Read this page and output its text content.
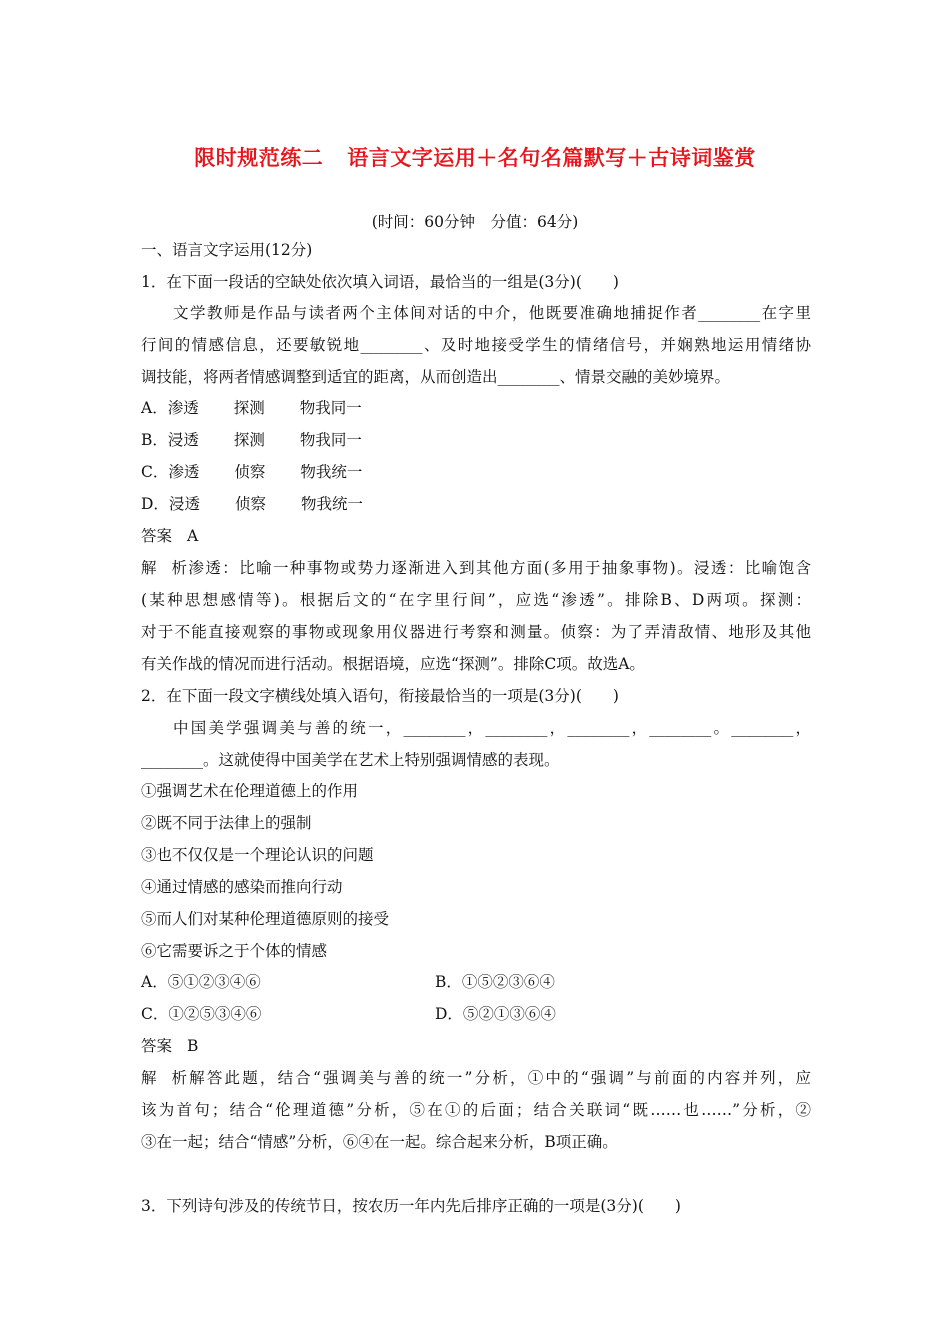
限时规范练二 语言文字运用＋名句名篇默写＋古诗词鉴赏
(时间：60分钟　分值：64分)
一、语言文字运用(12分)
1．在下面一段话的空缺处依次填入词语，最恰当的一组是(3分)(　　)
文学教师是作品与读者两个主体间对话的中介，他既要准确地捕捉作者________在字里
行间的情感信息，还要敏锐地________、及时地接受学生的情绪信号，并娴熟地运用情绪协
调技能，将两者情感调整到适宜的距离，从而创造出________、情景交融的美妙境界。
A．渗透 探测 物我同一
B．浸透 探测 物我同一
C．渗透 侦察 物我统一
D．浸透 侦察 物我统一
答案 A
解析渗透：比喻一种事物或势力逐渐进入到其他方面(多用于抽象事物)。浸透：比喻饱含
(某种思想感情等)。根据后文的“在字里行间”，应选“渗透”。排除B、D两项。探测：
对于不能直接观察的事物或现象用仪器进行考察和测量。侦察：为了弄清敌情、地形及其他
有关作战的情况而进行活动。根据语境，应选“探测”。排除C项。故选A。
2．在下面一段文字横线处填入语句，衔接最恰当的一项是(3分)(　　)
中国美学强调美与善的统一，________，________，________，________。________，
________。这就使得中国美学在艺术上特别强调情感的表现。
①强调艺术在伦理道德上的作用
②既不同于法律上的强制
③也不仅仅是一个理论认识的问题
④通过情感的感染而推向行动
⑤而人们对某种伦理道德原则的接受
⑥它需要诉之于个体的情感
A．⑤①②③④⑥	B．①⑤②③⑥④
C．①②⑤③④⑥	D．⑤②①③⑥④
答案 B
解析解答此题，结合“强调美与善的统一”分析，①中的“强调”与前面的内容并列，应
该为首句；结合“伦理道德”分析，⑤在①的后面；结合关联词“既……也……”分析，②
③在一起；结合“情感”分析，⑥④在一起。综合起来分析，B项正确。
3．下列诗句涉及的传统节日，按农历一年内先后排序正确的一项是(3分)(　　)
